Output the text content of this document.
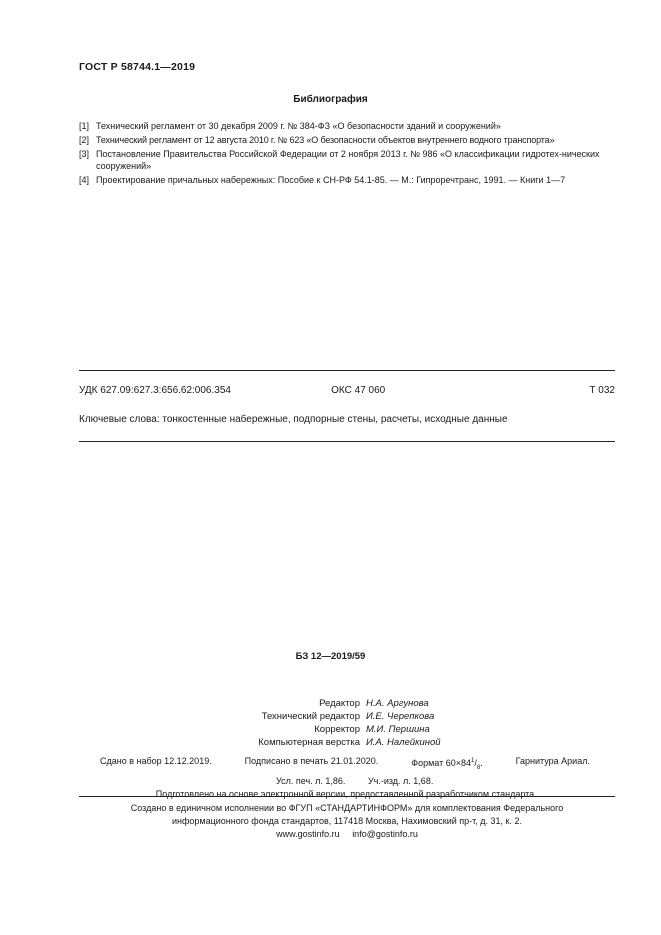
ГОСТ Р 58744.1—2019
Библиография
[1] Технический регламент от 30 декабря 2009 г. № 384-ФЗ «О безопасности зданий и сооружений»
[2] Технический регламент от 12 августа 2010 г. № 623 «О безопасности объектов внутреннего водного транспорта»
[3] Постановление Правительства Российской Федерации от 2 ноября 2013 г. № 986 «О классификации гидротех-нических сооружений»
[4] Проектирование причальных набережных: Пособие к СН-РФ 54.1-85. — М.: Гипроречтранс, 1991. — Книги 1—7
УДК 627.09:627.3:656.62:006.354	ОКС 47 060	Т 032
Ключевые слова: тонкостенные набережные, подпорные стены, расчеты, исходные данные
БЗ 12—2019/59
Редактор Н.А. Аргунова
Технический редактор И.Е. Черепкова
Корректор М.И. Першина
Компьютерная верстка И.А. Налейкиной
Сдано в набор 12.12.2019.	Подписано в печать 21.01.2020.	Формат $60\times 84^1/_8$.	Гарнитура Ариал.
Усл. печ. л. 1,86.	Уч.-изд. л. 1,68.
Подготовлено на основе электронной версии, предоставленной разработчиком стандарта
Создано в единичном исполнении во ФГУП «СТАНДАРТИНФОРМ» для комплектования Федерального
информационного фонда стандартов, 117418 Москва, Нахимовский пр-т, д. 31, к. 2.
www.gostinfo.ru info@gostinfo.ru
